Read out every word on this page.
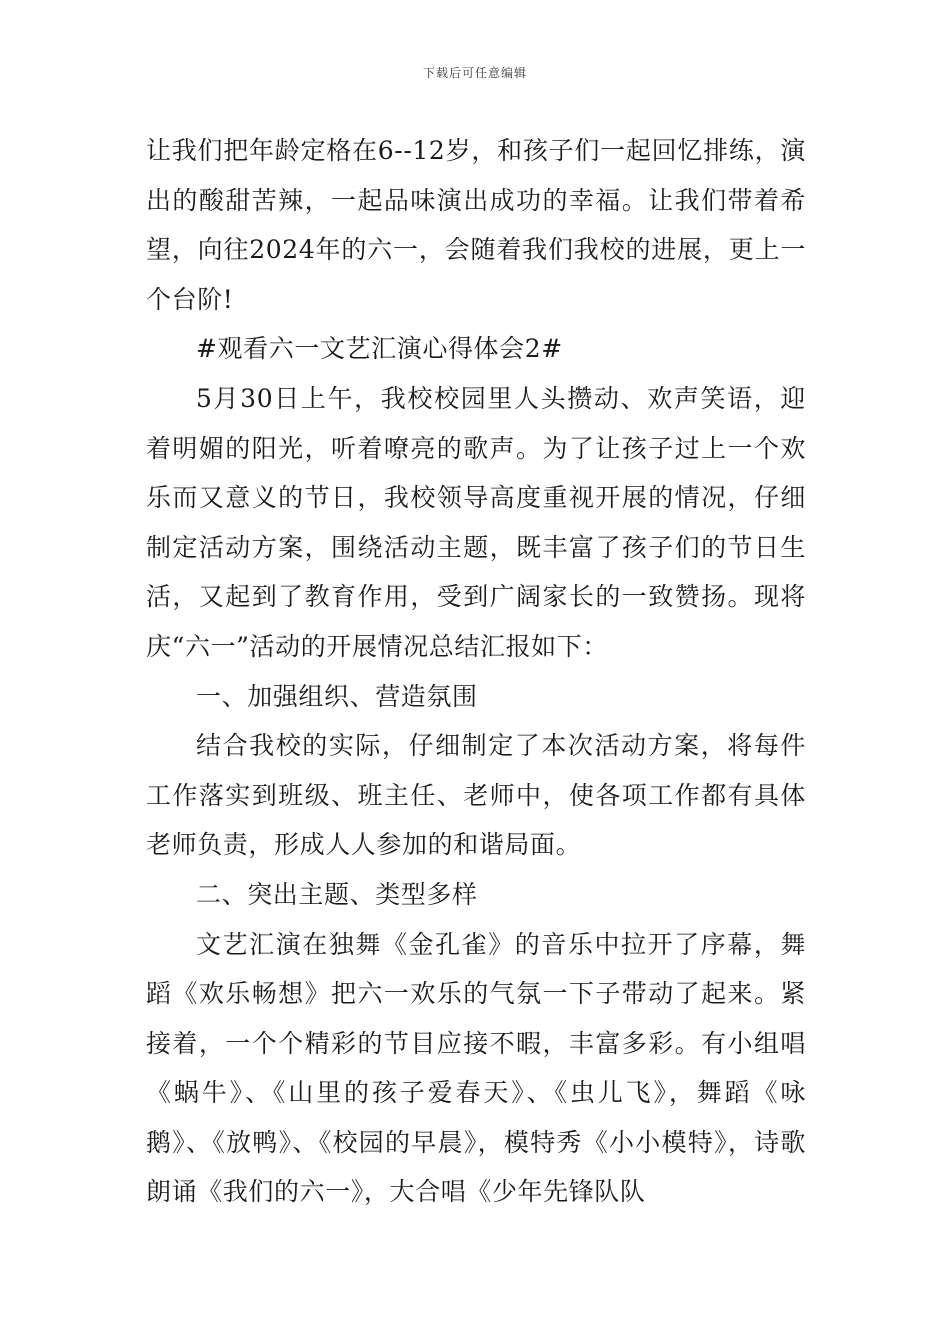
下载后可任意编辑

让我们把年龄定格在6--12岁，和孩子们一起回忆排练，演出的酸甜苦辣，一起品味演出成功的幸福。让我们带着希望，向往2024年的六一，会随着我们我校的进展，更上一个台阶!

#观看六一文艺汇演心得体会2#

5月30日上午，我校校园里人头攒动、欢声笑语，迎着明媚的阳光，听着嘹亮的歌声。为了让孩子过上一个欢乐而又意义的节日，我校领导高度重视开展的情况，仔细制定活动方案，围绕活动主题，既丰富了孩子们的节日生活，又起到了教育作用，受到广阔家长的一致赞扬。现将庆“六一”活动的开展情况总结汇报如下：

一、加强组织、营造氛围

结合我校的实际，仔细制定了本次活动方案，将每件工作落实到班级、班主任、老师中，使各项工作都有具体老师负责，形成人人参加的和谐局面。

二、突出主题、类型多样

文艺汇演在独舞《金孔雀》的音乐中拉开了序幕，舞蹈《欢乐畅想》把六一欢乐的气氛一下子带动了起来。紧接着，一个个精彩的节目应接不暇，丰富多彩。有小组唱《蜗牛》、《山里的孩子爱春天》、《虫儿飞》，舞蹈《咏鹅》、《放鸭》、《校园的早晨》，模特秀《小小模特》，诗歌朗诵《我们的六一》，大合唱《少年先锋队队
